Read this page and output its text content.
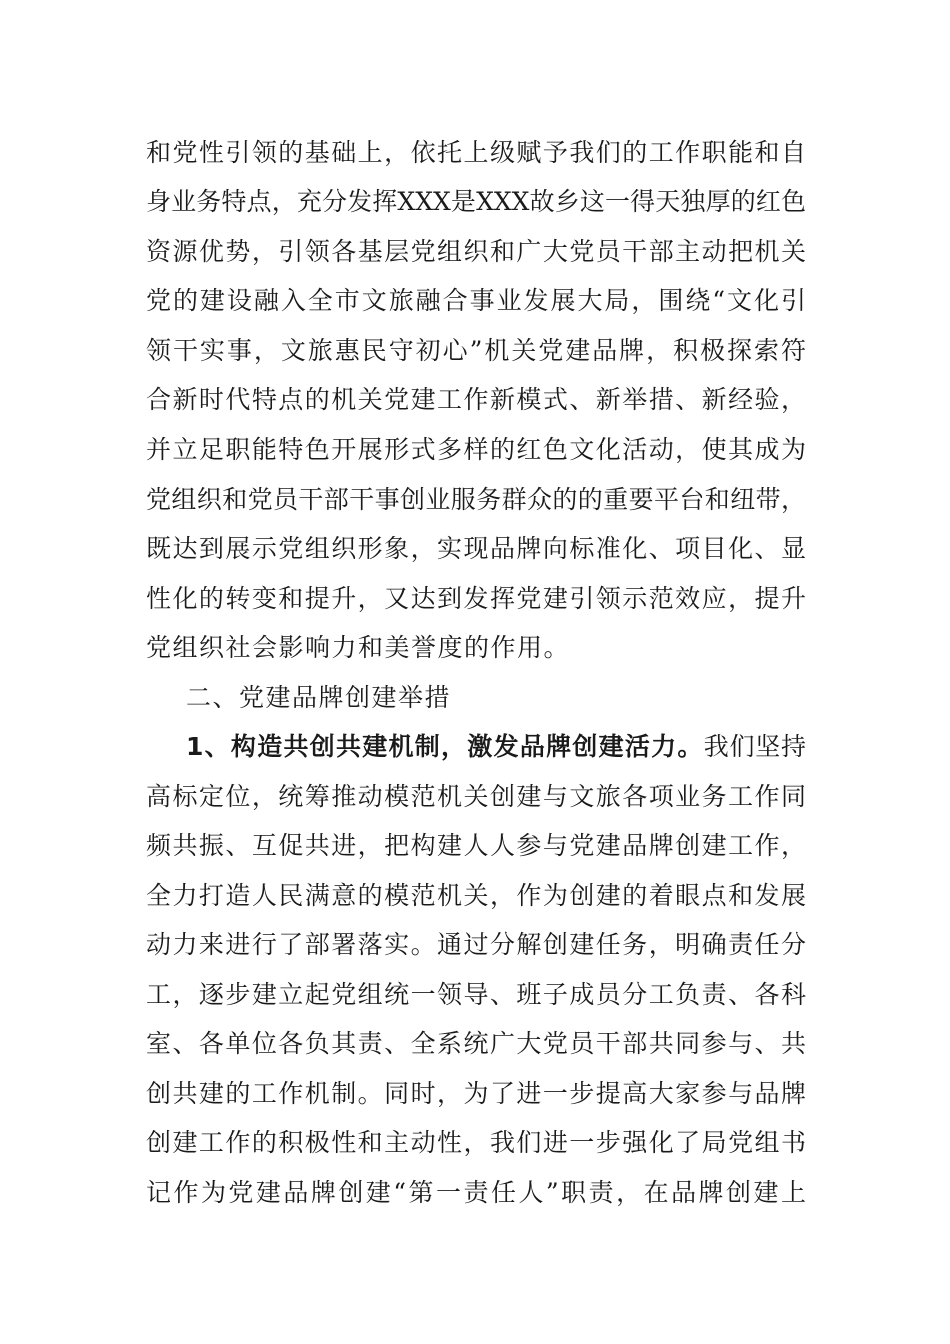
和党性引领的基础上，依托上级赋予我们的工作职能和自
身业务特点，充分发挥XXX是XXX故乡这一得天独厚的红色
资源优势，引领各基层党组织和广大党员干部主动把机关
党的建设融入全市文旅融合事业发展大局，围绕“文化引
领干实事，文旅惠民守初心”机关党建品牌，积极探索符
合新时代特点的机关党建工作新模式、新举措、新经验，
并立足职能特色开展形式多样的红色文化活动，使其成为
党组织和党员干部干事创业服务群众的的重要平台和纽带，
既达到展示党组织形象，实现品牌向标准化、项目化、显
性化的转变和提升，又达到发挥党建引领示范效应，提升
党组织社会影响力和美誉度的作用。
二、党建品牌创建举措
1、构造共创共建机制，激发品牌创建活力。我们坚持
高标定位，统筹推动模范机关创建与文旅各项业务工作同
频共振、互促共进，把构建人人参与党建品牌创建工作，
全力打造人民满意的模范机关，作为创建的着眼点和发展
动力来进行了部署落实。通过分解创建任务，明确责任分
工，逐步建立起党组统一领导、班子成员分工负责、各科
室、各单位各负其责、全系统广大党员干部共同参与、共
创共建的工作机制。同时，为了进一步提高大家参与品牌
创建工作的积极性和主动性，我们进一步强化了局党组书
记作为党建品牌创建“第一责任人”职责，在品牌创建上
